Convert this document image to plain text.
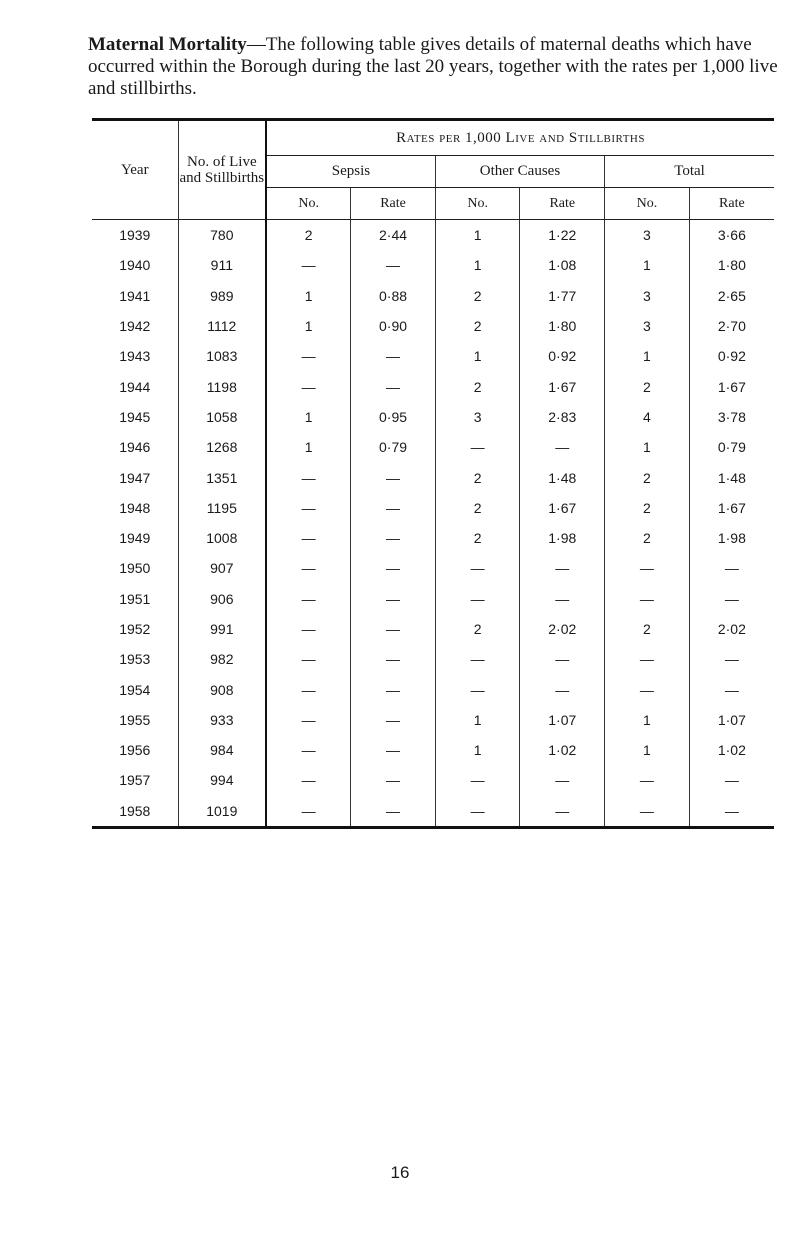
Maternal Mortality—The following table gives details of maternal deaths which have occurred within the Borough during the last 20 years, together with the rates per 1,000 live and stillbirths.
Year	No. of Live and Stillbirths	Rates per 1,000 Live and Stillbirths					
		Sepsis		Other Causes		Total	
		No.	Rate	No.	Rate	No.	Rate
1939	780	2	2·44	1	1·22	3	3·66
1940	911	—	—	1	1·08	1	1·80
1941	989	1	0·88	2	1·77	3	2·65
1942	1112	1	0·90	2	1·80	3	2·70
1943	1083	—	—	1	0·92	1	0·92
1944	1198	—	—	2	1·67	2	1·67
1945	1058	1	0·95	3	2·83	4	3·78
1946	1268	1	0·79	—	—	1	0·79
1947	1351	—	—	2	1·48	2	1·48
1948	1195	—	—	2	1·67	2	1·67
1949	1008	—	—	2	1·98	2	1·98
1950	907	—	—	—	—	—	—
1951	906	—	—	—	—	—	—
1952	991	—	—	2	2·02	2	2·02
1953	982	—	—	—	—	—	—
1954	908	—	—	—	—	—	—
1955	933	—	—	1	1·07	1	1·07
1956	984	—	—	1	1·02	1	1·02
1957	994	—	—	—	—	—	—
1958	1019	—	—	—	—	—	—
16
